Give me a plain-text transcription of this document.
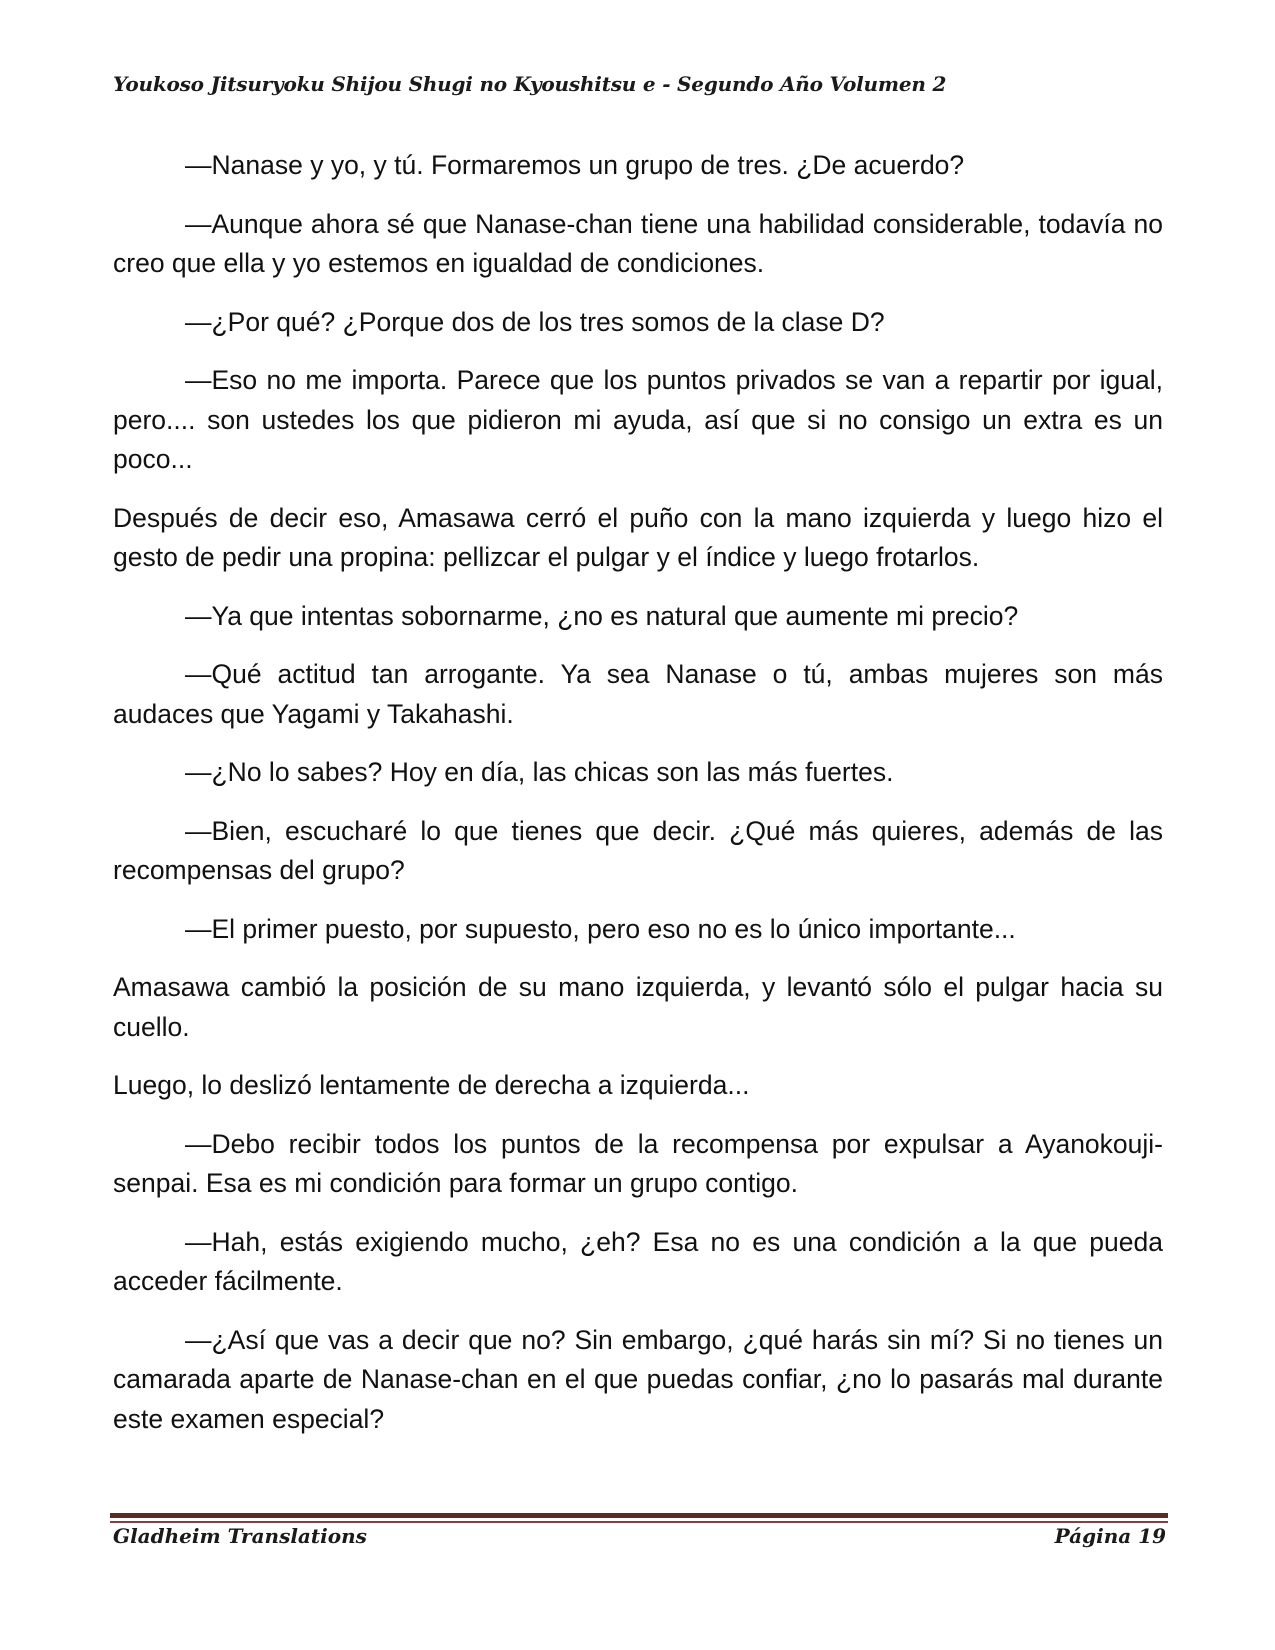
Youkoso Jitsuryoku Shijou Shugi no Kyoushitsu e - Segundo Año Volumen 2

—Nanase y yo, y tú. Formaremos un grupo de tres. ¿De acuerdo?

—Aunque ahora sé que Nanase-chan tiene una habilidad considerable, todavía no creo que ella y yo estemos en igualdad de condiciones.

—¿Por qué? ¿Porque dos de los tres somos de la clase D?

—Eso no me importa. Parece que los puntos privados se van a repartir por igual, pero.... son ustedes los que pidieron mi ayuda, así que si no consigo un extra es un poco...

Después de decir eso, Amasawa cerró el puño con la mano izquierda y luego hizo el gesto de pedir una propina: pellizcar el pulgar y el índice y luego frotarlos.

—Ya que intentas sobornarme, ¿no es natural que aumente mi precio?

—Qué actitud tan arrogante. Ya sea Nanase o tú, ambas mujeres son más audaces que Yagami y Takahashi.

—¿No lo sabes? Hoy en día, las chicas son las más fuertes.

—Bien, escucharé lo que tienes que decir. ¿Qué más quieres, además de las recompensas del grupo?

—El primer puesto, por supuesto, pero eso no es lo único importante...

Amasawa cambió la posición de su mano izquierda, y levantó sólo el pulgar hacia su cuello.

Luego, lo deslizó lentamente de derecha a izquierda...

—Debo recibir todos los puntos de la recompensa por expulsar a Ayanokouji-senpai. Esa es mi condición para formar un grupo contigo.

—Hah, estás exigiendo mucho, ¿eh? Esa no es una condición a la que pueda acceder fácilmente.

—¿Así que vas a decir que no? Sin embargo, ¿qué harás sin mí? Si no tienes un camarada aparte de Nanase-chan en el que puedas confiar, ¿no lo pasarás mal durante este examen especial?

Gladheim Translations	Página 19
